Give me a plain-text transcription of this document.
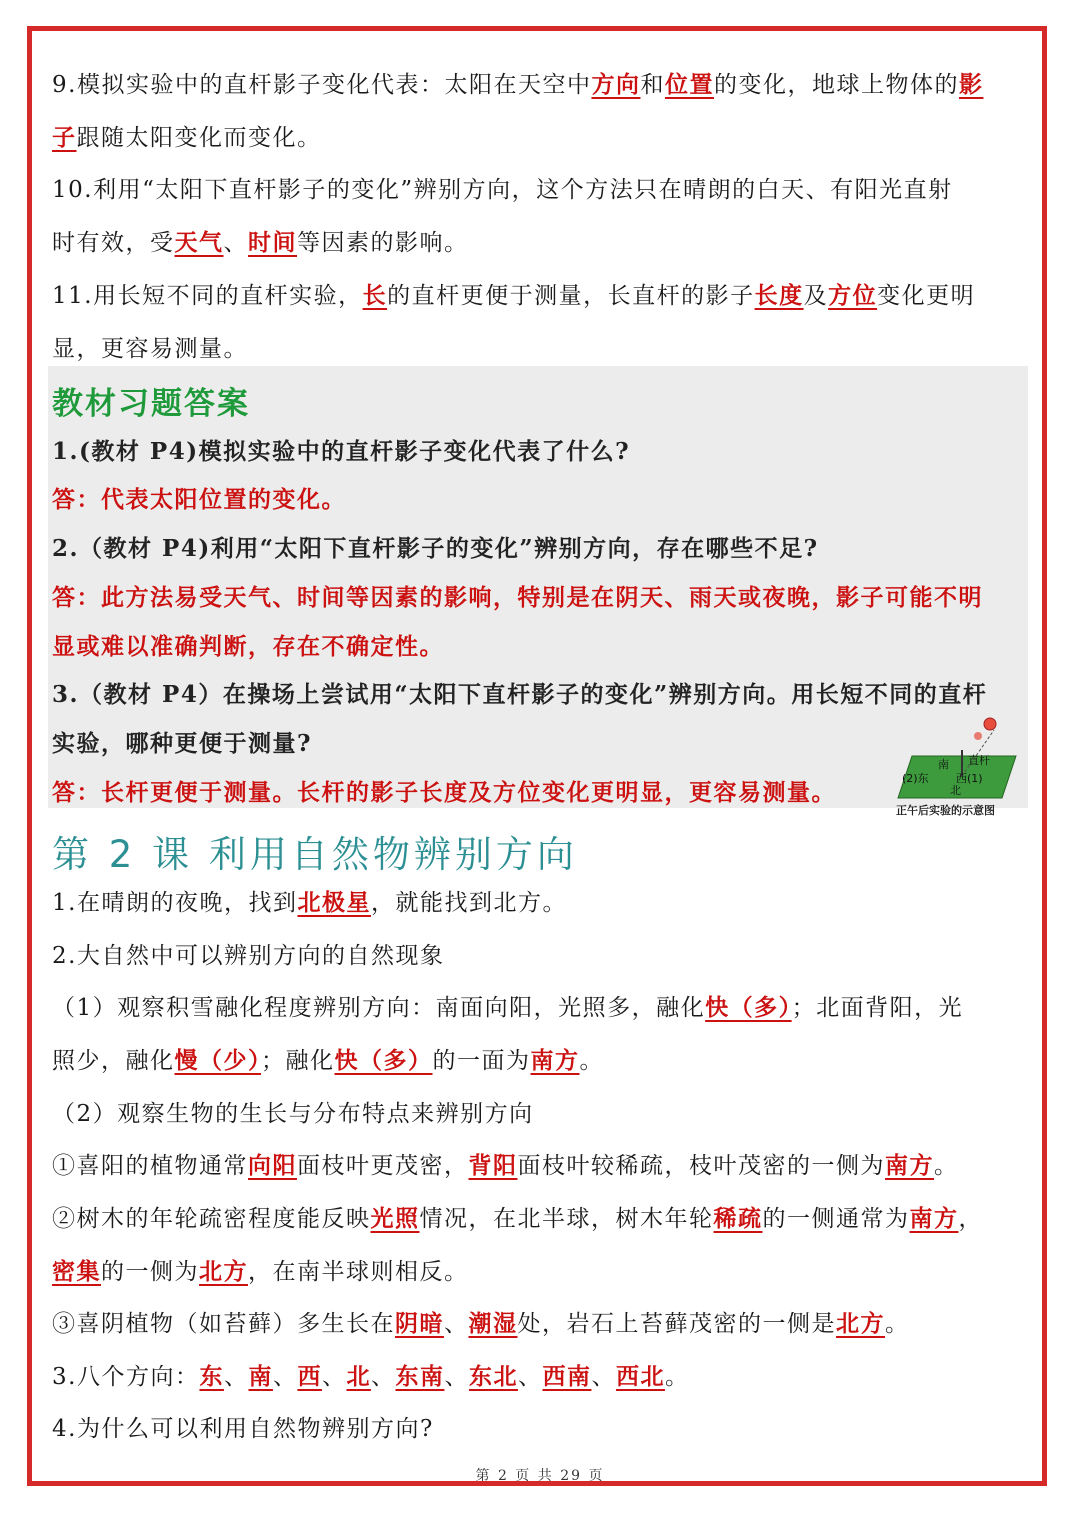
9.模拟实验中的直杆影子变化代表：太阳在天空中方向和位置的变化，地球上物体的影
子跟随太阳变化而变化。
10.利用“太阳下直杆影子的变化”辨别方向，这个方法只在晴朗的白天、有阳光直射
时有效，受天气、时间等因素的影响。
11.用长短不同的直杆实验，长的直杆更便于测量，长直杆的影子长度及方位变化更明
显，更容易测量。
教材习题答案
1.(教材 P4)模拟实验中的直杆影子变化代表了什么?
答：代表太阳位置的变化。
2.（教材 P4)利用“太阳下直杆影子的变化”辨别方向，存在哪些不足?
答：此方法易受天气、时间等因素的影响，特别是在阴天、雨天或夜晚，影子可能不明
显或难以准确判断，存在不确定性。
3.（教材 P4）在操场上尝试用“太阳下直杆影子的变化”辨别方向。用长短不同的直杆
实验，哪种更便于测量?
答：长杆更便于测量。长杆的影子长度及方位变化更明显，更容易测量。
南
北
直杆
(2)东 西(1)
正午后实验的示意图
第 2 课 利用自然物辨别方向
1.在晴朗的夜晚，找到北极星，就能找到北方。
2.大自然中可以辨别方向的自然现象
（1）观察积雪融化程度辨别方向：南面向阳，光照多，融化快（多）；北面背阳，光
照少，融化慢（少）；融化快（多）的一面为南方。
（2）观察生物的生长与分布特点来辨别方向
①喜阳的植物通常向阳面枝叶更茂密，背阳面枝叶较稀疏，枝叶茂密的一侧为南方。
②树木的年轮疏密程度能反映光照情况，在北半球，树木年轮稀疏的一侧通常为南方，
密集的一侧为北方，在南半球则相反。
③喜阴植物（如苔藓）多生长在阴暗、潮湿处，岩石上苔藓茂密的一侧是北方。
3.八个方向：东、南、西、北、东南、东北、西南、西北。
4.为什么可以利用自然物辨别方向?
第 2 页 共 29 页
